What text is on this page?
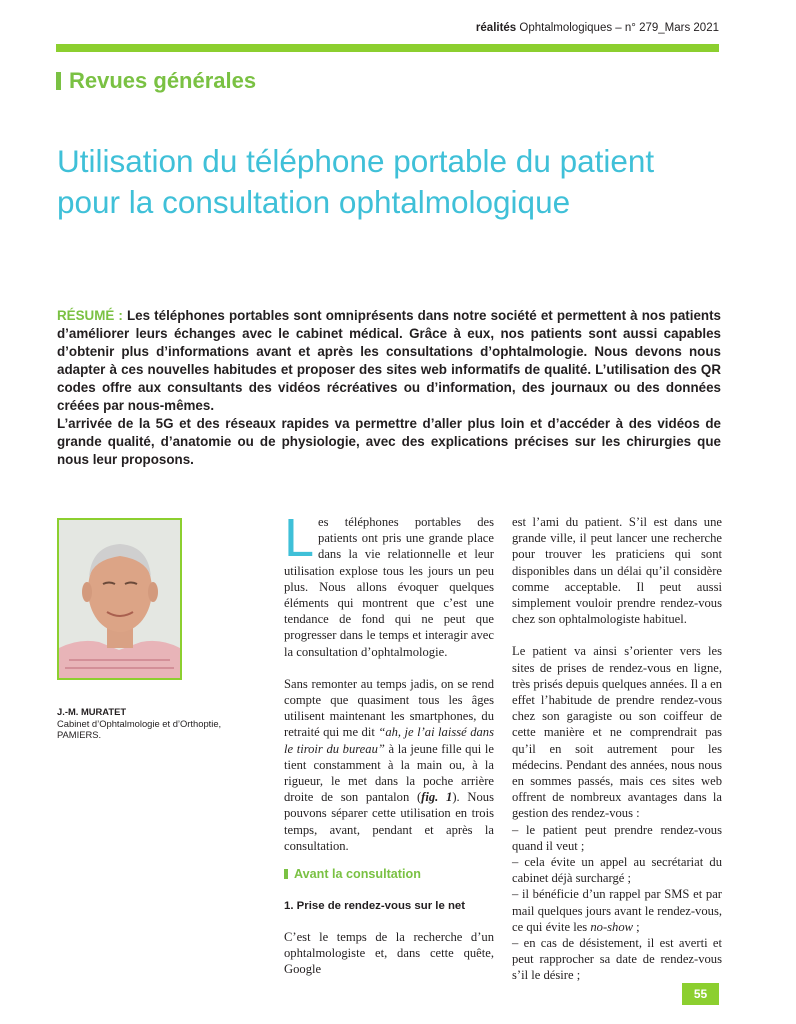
réalités Ophtalmologiques – n° 279_Mars 2021
Revues générales
Utilisation du téléphone portable du patient pour la consultation ophtalmologique

RÉSUMÉ : Les téléphones portables sont omniprésents dans notre société et permettent à nos patients d’améliorer leurs échanges avec le cabinet médical. Grâce à eux, nos patients sont aussi capables d’obtenir plus d’informations avant et après les consultations d’ophtalmologie. Nous devons nous adapter à ces nouvelles habitudes et proposer des sites web informatifs de qualité. L’utilisation des QR codes offre aux consultants des vidéos récréatives ou d’information, des journaux ou des données créées par nous-mêmes.

L’arrivée de la 5G et des réseaux rapides va permettre d’aller plus loin et d’accéder à des vidéos de grande qualité, d’anatomie ou de physiologie, avec des explications précises sur les chirurgies que nous leur proposons.

J.-M. MURATET
Cabinet d’Ophtalmologie et d’Orthoptie,
PAMIERS.

Les téléphones portables des patients ont pris une grande place dans la vie relationnelle et leur utilisation explose tous les jours un peu plus. Nous allons évoquer quelques éléments qui montrent que c’est une tendance de fond qui ne peut que progresser dans le temps et interagir avec la consultation d’ophtalmologie.

Sans remonter au temps jadis, on se rend compte que quasiment tous les âges utilisent maintenant les smartphones, du retraité qui me dit “ah, je l’ai laissé dans le tiroir du bureau” à la jeune fille qui le tient constamment à la main ou, à la rigueur, le met dans la poche arrière droite de son pantalon (fig. 1). Nous pouvons séparer cette utilisation en trois temps, avant, pendant et après la consultation.

Avant la consultation
1. Prise de rendez-vous sur le net

C’est le temps de la recherche d’un ophtalmologiste et, dans cette quête, Google

est l’ami du patient. S’il est dans une grande ville, il peut lancer une recherche pour trouver les praticiens qui sont disponibles dans un délai qu’il considère comme acceptable. Il peut aussi simplement vouloir prendre rendez-vous chez son ophtalmologiste habituel.

Le patient va ainsi s’orienter vers les sites de prises de rendez-vous en ligne, très prisés depuis quelques années. Il a en effet l’habitude de prendre rendez-vous chez son garagiste ou son coiffeur de cette manière et ne comprendrait pas qu’il en soit autrement pour les médecins. Pendant des années, nous nous en sommes passés, mais ces sites web offrent de nombreux avantages dans la gestion des rendez-vous :
– le patient peut prendre rendez-vous quand il veut ;
– cela évite un appel au secrétariat du cabinet déjà surchargé ;
– il bénéficie d’un rappel par SMS et par mail quelques jours avant le rendez-vous, ce qui évite les no-show ;
– en cas de désistement, il est averti et peut rapprocher sa date de rendez-vous s’il le désire ;

55
